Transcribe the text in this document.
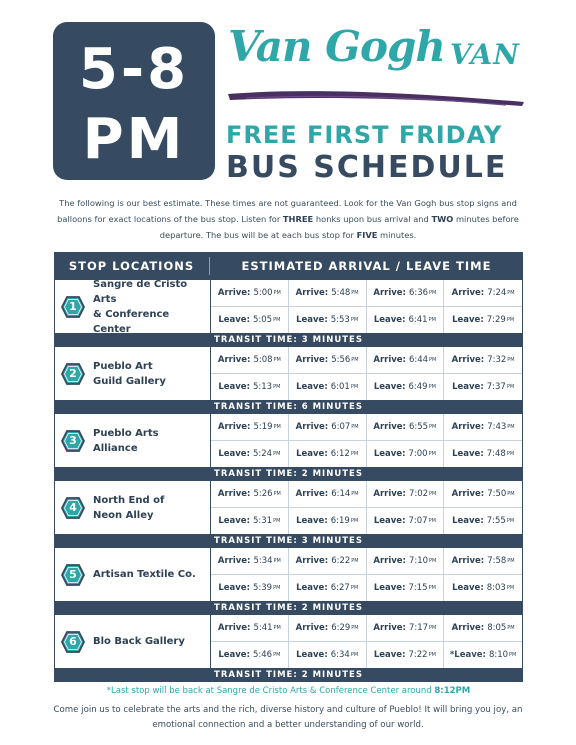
5-8
PM
Van Gogh VAN
FREE FIRST FRIDAY
BUS SCHEDULE

The following is our best estimate. These times are not guaranteed. Look for the Van Gogh bus stop signs and balloons for exact locations of the bus stop. Listen for THREE honks upon bus arrival and TWO minutes before departure. The bus will be at each bus stop for FIVE minutes.

STOP LOCATIONS	ESTIMATED ARRIVAL / LEAVE TIME
1
Sangre de Cristo Arts
& Conference Center
Arrive: 5:00 PM Arrive: 5:48 PM Arrive: 6:36 PM Arrive: 7:24 PM
Leave: 5:05 PM Leave: 5:53 PM Leave: 6:41 PM Leave: 7:29 PM
TRANSIT TIME: 3 MINUTES
2
Pueblo Art
Guild Gallery
Arrive: 5:08 PM Arrive: 5:56 PM Arrive: 6:44 PM Arrive: 7:32 PM
Leave: 5:13 PM Leave: 6:01 PM Leave: 6:49 PM Leave: 7:37 PM
TRANSIT TIME: 6 MINUTES
3
Pueblo Arts
Alliance
Arrive: 5:19 PM Arrive: 6:07 PM Arrive: 6:55 PM Arrive: 7:43 PM
Leave: 5:24 PM Leave: 6:12 PM Leave: 7:00 PM Leave: 7:48 PM
TRANSIT TIME: 2 MINUTES
4
North End of
Neon Alley
Arrive: 5:26 PM Arrive: 6:14 PM Arrive: 7:02 PM Arrive: 7:50 PM
Leave: 5:31 PM Leave: 6:19 PM Leave: 7:07 PM Leave: 7:55 PM
TRANSIT TIME: 3 MINUTES
5	Artisan Textile Co.
Arrive: 5:34 PM Arrive: 6:22 PM Arrive: 7:10 PM Arrive: 7:58 PM
Leave: 5:39 PM Leave: 6:27 PM Leave: 7:15 PM Leave: 8:03 PM
TRANSIT TIME: 2 MINUTES
6	Blo Back Gallery
Arrive: 5:41 PM Arrive: 6:29 PM Arrive: 7:17 PM Arrive: 8:05 PM
Leave: 5:46 PM Leave: 6:34 PM Leave: 7:22 PM *Leave: 8:10 PM
TRANSIT TIME: 2 MINUTES
*Last stop will be back at Sangre de Cristo Arts & Conference Center around 8:12PM

Come join us to celebrate the arts and the rich, diverse history and culture of Pueblo! It will bring you joy, an emotional connection and a better understanding of our world.
